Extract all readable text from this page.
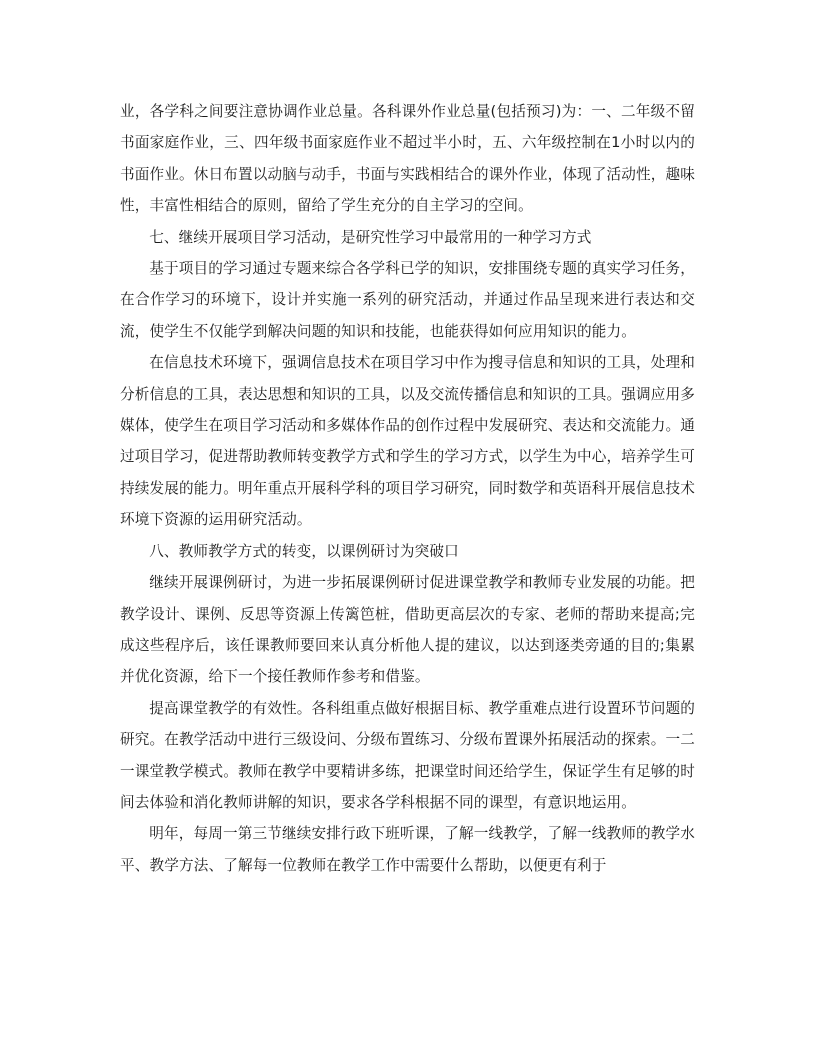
业，各学科之间要注意协调作业总量。各科课外作业总量(包括预习)为：一、二年级不留书面家庭作业，三、四年级书面家庭作业不超过半小时，五、六年级控制在1小时以内的书面作业。休日布置以动脑与动手，书面与实践相结合的课外作业，体现了活动性，趣味性，丰富性相结合的原则，留给了学生充分的自主学习的空间。

七、继续开展项目学习活动，是研究性学习中最常用的一种学习方式

基于项目的学习通过专题来综合各学科已学的知识，安排围绕专题的真实学习任务，在合作学习的环境下，设计并实施一系列的研究活动，并通过作品呈现来进行表达和交流，使学生不仅能学到解决问题的知识和技能，也能获得如何应用知识的能力。

在信息技术环境下，强调信息技术在项目学习中作为搜寻信息和知识的工具，处理和分析信息的工具，表达思想和知识的工具，以及交流传播信息和知识的工具。强调应用多媒体，使学生在项目学习活动和多媒体作品的创作过程中发展研究、表达和交流能力。通过项目学习，促进帮助教师转变教学方式和学生的学习方式，以学生为中心，培养学生可持续发展的能力。明年重点开展科学科的项目学习研究，同时数学和英语科开展信息技术环境下资源的运用研究活动。

八、教师教学方式的转变，以课例研讨为突破口

继续开展课例研讨，为进一步拓展课例研讨促进课堂教学和教师专业发展的功能。把教学设计、课例、反思等资源上传篱笆桩，借助更高层次的专家、老师的帮助来提高;完成这些程序后，该任课教师要回来认真分析他人提的建议，以达到逐类旁通的目的;集累并优化资源，给下一个接任教师作参考和借鉴。

提高课堂教学的有效性。各科组重点做好根据目标、教学重难点进行设置环节问题的研究。在教学活动中进行三级设问、分级布置练习、分级布置课外拓展活动的探索。一二一课堂教学模式。教师在教学中要精讲多练，把课堂时间还给学生，保证学生有足够的时间去体验和消化教师讲解的知识，要求各学科根据不同的课型，有意识地运用。

明年，每周一第三节继续安排行政下班听课，了解一线教学，了解一线教师的教学水平、教学方法、了解每一位教师在教学工作中需要什么帮助，以便更有利于
